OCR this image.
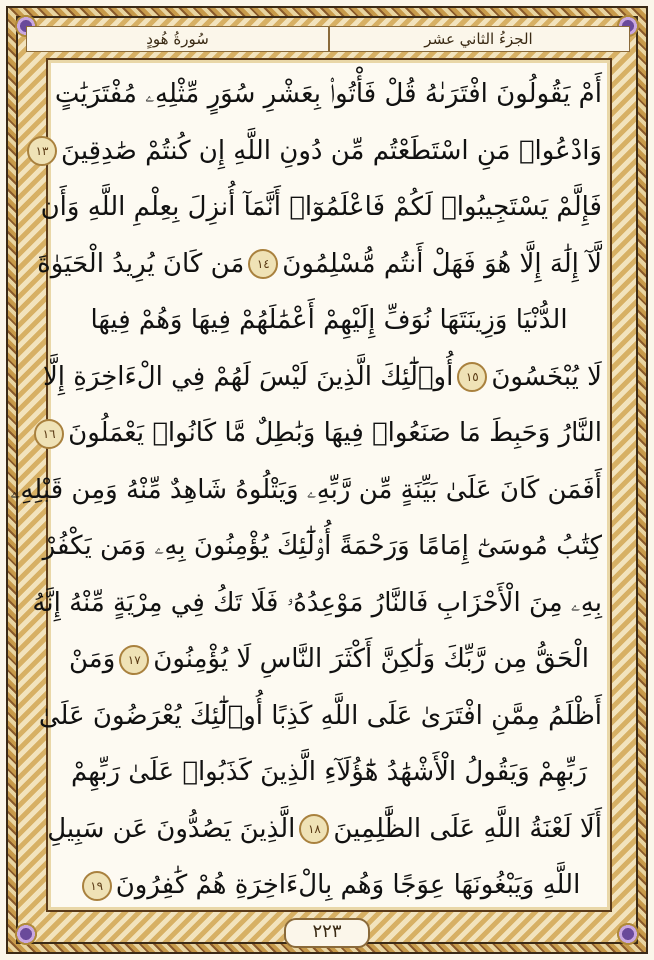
سُورةُ هُودٍ	الجزءُ الثاني عشر
أَمْ يَقُولُونَ افْتَرَىٰهُ قُلْ فَأْتُوا۟ بِعَشْرِ سُوَرٍ مِّثْلِهِۦ مُفْتَرَيَٰتٍ
وَادْعُوا۟ مَنِ اسْتَطَعْتُم مِّن دُونِ اللَّهِ إِن كُنتُمْ صَٰدِقِينَ١٣
فَإِلَّمْ يَسْتَجِيبُوا۟ لَكُمْ فَاعْلَمُوٓا۟ أَنَّمَآ أُنزِلَ بِعِلْمِ اللَّهِ وَأَن
لَّآ إِلَٰهَ إِلَّا هُوَ فَهَلْ أَنتُم مُّسْلِمُونَ١٤مَن كَانَ يُرِيدُ الْحَيَوٰةَ
الدُّنْيَا وَزِينَتَهَا نُوَفِّ إِلَيْهِمْ أَعْمَٰلَهُمْ فِيهَا وَهُمْ فِيهَا
لَا يُبْخَسُونَ١٥أُو۟لَٰٓئِكَ الَّذِينَ لَيْسَ لَهُمْ فِي الْءَاخِرَةِ إِلَّا
النَّارُ وَحَبِطَ مَا صَنَعُوا۟ فِيهَا وَبَٰطِلٌ مَّا كَانُوا۟ يَعْمَلُونَ١٦
أَفَمَن كَانَ عَلَىٰ بَيِّنَةٍ مِّن رَّبِّهِۦ وَيَتْلُوهُ شَاهِدٌ مِّنْهُ وَمِن قَبْلِهِۦ
كِتَٰبُ مُوسَىٰٓ إِمَامًا وَرَحْمَةً أُو۟لَٰٓئِكَ يُؤْمِنُونَ بِهِۦ وَمَن يَكْفُرْ
بِهِۦ مِنَ الْأَحْزَابِ فَالنَّارُ مَوْعِدُهُۥ فَلَا تَكُ فِي مِرْيَةٍ مِّنْهُ إِنَّهُ
الْحَقُّ مِن رَّبِّكَ وَلَٰكِنَّ أَكْثَرَ النَّاسِ لَا يُؤْمِنُونَ١٧وَمَنْ
أَظْلَمُ مِمَّنِ افْتَرَىٰ عَلَى اللَّهِ كَذِبًا أُو۟لَٰٓئِكَ يُعْرَضُونَ عَلَىٰ
رَبِّهِمْ وَيَقُولُ الْأَشْهَٰدُ هَٰٓؤُلَآءِ الَّذِينَ كَذَبُوا۟ عَلَىٰ رَبِّهِمْ
أَلَا لَعْنَةُ اللَّهِ عَلَى الظَّٰلِمِينَ١٨الَّذِينَ يَصُدُّونَ عَن سَبِيلِ
اللَّهِ وَيَبْغُونَهَا عِوَجًا وَهُم بِالْءَاخِرَةِ هُمْ كَٰفِرُونَ١٩
٢٢٣
